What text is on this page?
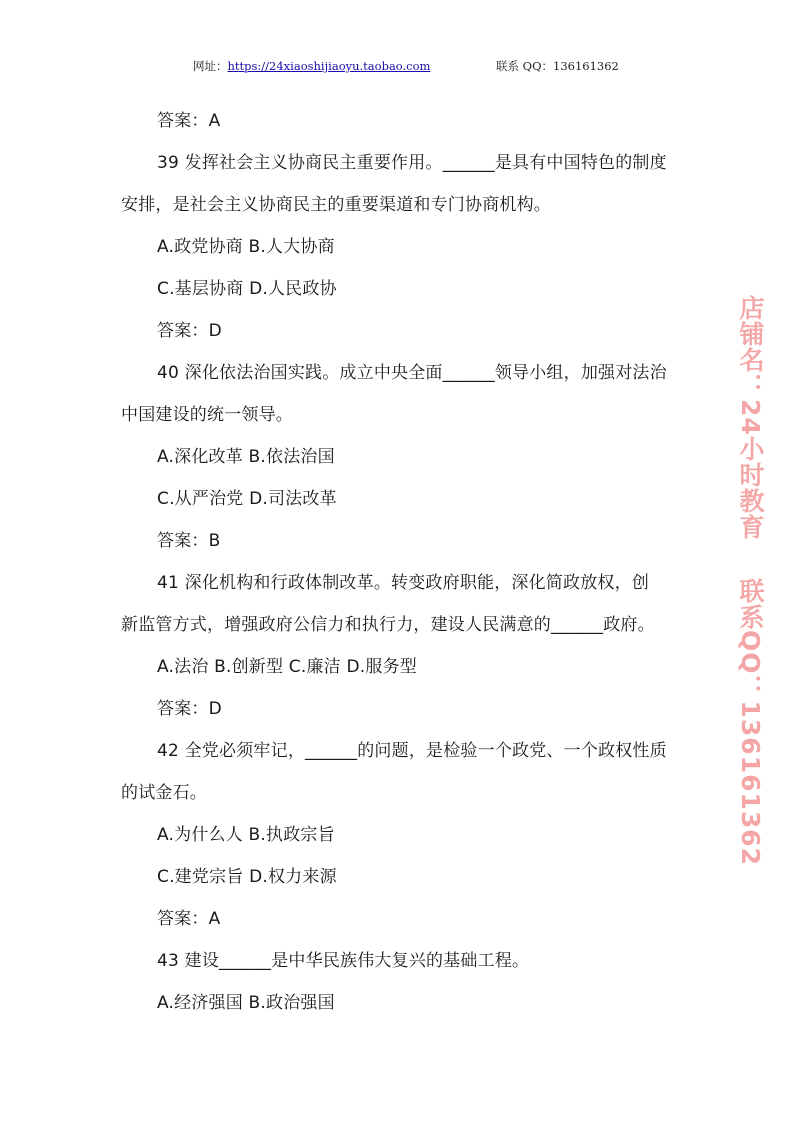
网址：https://24xiaoshijiaoyu.taobao.com	联系 QQ：136161362
答案：A
39 发挥社会主义协商民主重要作用。______是具有中国特色的制度
安排，是社会主义协商民主的重要渠道和专门协商机构。
A.政党协商 B.人大协商
C.基层协商 D.人民政协
答案：D
40 深化依法治国实践。成立中央全面______领导小组，加强对法治
中国建设的统一领导。
A.深化改革 B.依法治国
C.从严治党 D.司法改革
答案：B
41 深化机构和行政体制改革。转变政府职能，深化简政放权，创
新监管方式，增强政府公信力和执行力，建设人民满意的______政府。
A.法治 B.创新型 C.廉洁 D.服务型
答案：D
42 全党必须牢记，______的问题，是检验一个政党、一个政权性质
的试金石。
A.为什么人 B.执政宗旨
C.建党宗旨 D.权力来源
答案：A
43 建设______是中华民族伟大复兴的基础工程。
A.经济强国 B.政治强国
店铺名：24小时教育联系QQ：136161362
